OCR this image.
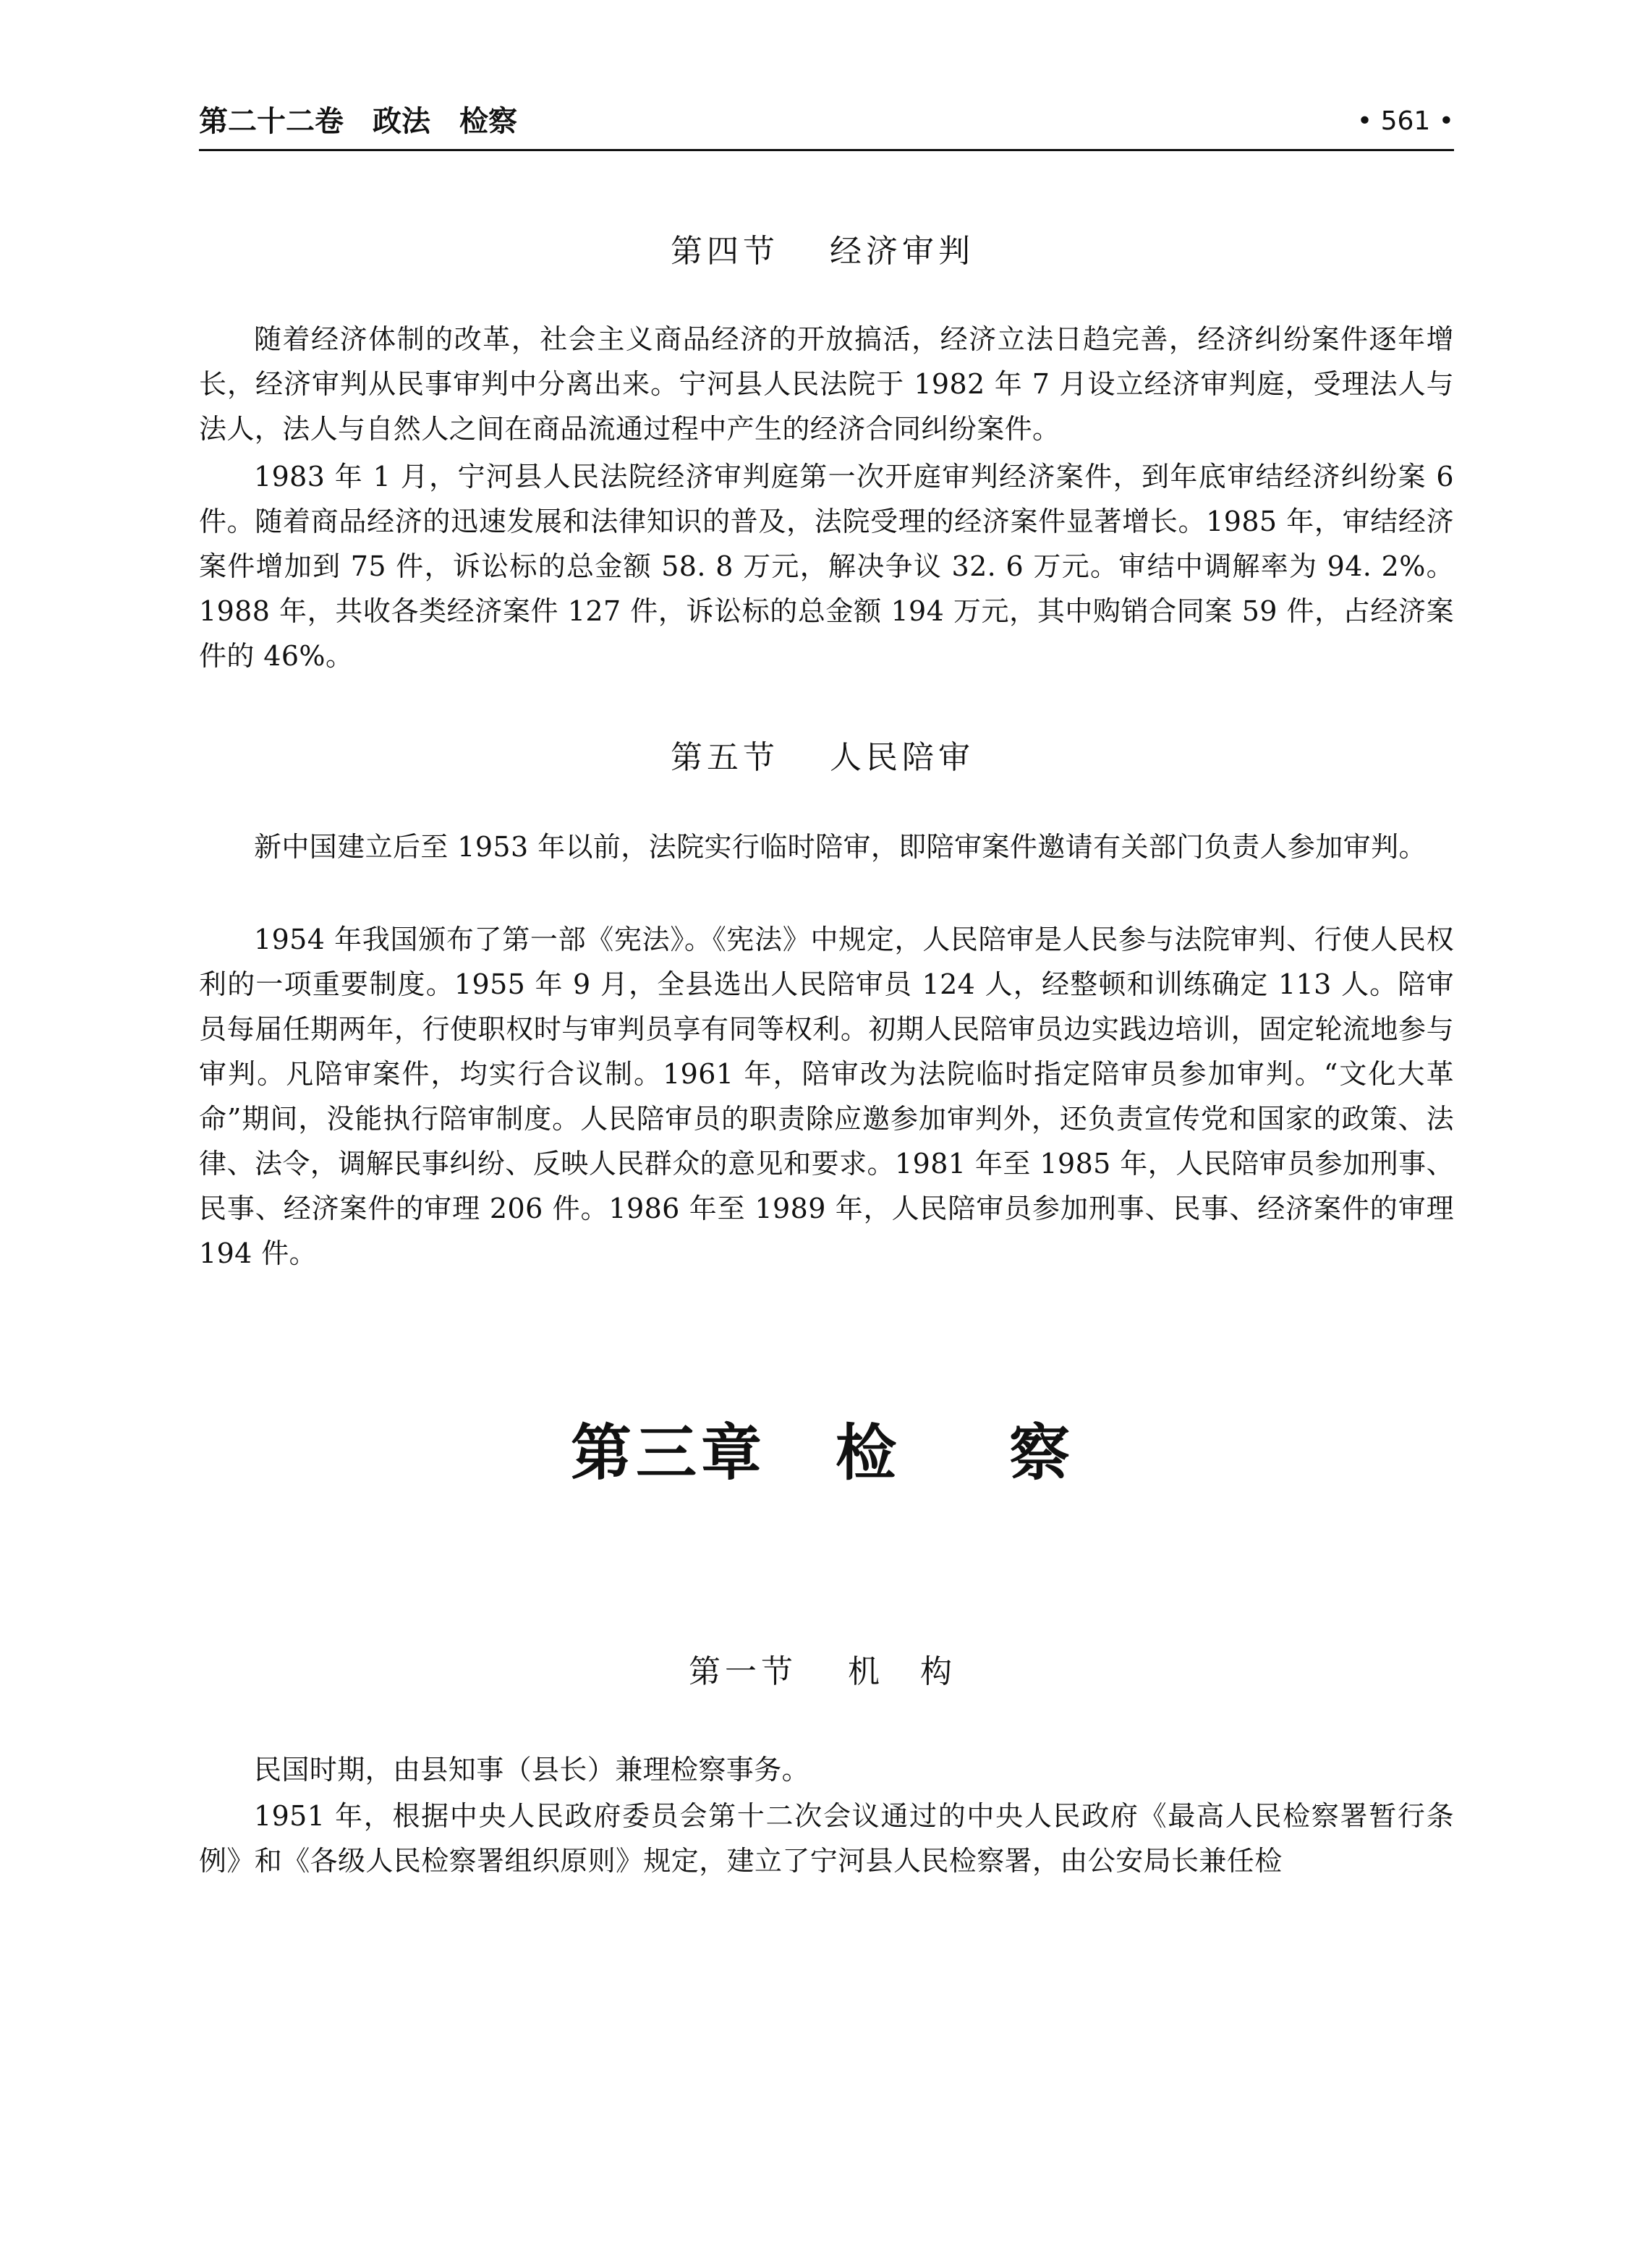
第二十二卷　政法　检察	• 561 •
第四节 经济审判

随着经济体制的改革，社会主义商品经济的开放搞活，经济立法日趋完善，经济纠纷案件逐年增长，经济审判从民事审判中分离出来。宁河县人民法院于 1982 年 7 月设立经济审判庭，受理法人与法人，法人与自然人之间在商品流通过程中产生的经济合同纠纷案件。

1983 年 1 月，宁河县人民法院经济审判庭第一次开庭审判经济案件，到年底审结经济纠纷案 6 件。随着商品经济的迅速发展和法律知识的普及，法院受理的经济案件显著增长。1985 年，审结经济案件增加到 75 件，诉讼标的总金额 58. 8 万元，解决争议 32. 6 万元。审结中调解率为 94. 2%。1988 年，共收各类经济案件 127 件，诉讼标的总金额 194 万元，其中购销合同案 59 件，占经济案件的 46%。

第五节 人民陪审

新中国建立后至 1953 年以前，法院实行临时陪审，即陪审案件邀请有关部门负责人参加审判。

1954 年我国颁布了第一部《宪法》。《宪法》中规定，人民陪审是人民参与法院审判、行使人民权利的一项重要制度。1955 年 9 月，全县选出人民陪审员 124 人，经整顿和训练确定 113 人。陪审员每届任期两年，行使职权时与审判员享有同等权利。初期人民陪审员边实践边培训，固定轮流地参与审判。凡陪审案件，均实行合议制。1961 年，陪审改为法院临时指定陪审员参加审判。“文化大革命”期间，没能执行陪审制度。人民陪审员的职责除应邀参加审判外，还负责宣传党和国家的政策、法律、法令，调解民事纠纷、反映人民群众的意见和要求。1981 年至 1985 年，人民陪审员参加刑事、民事、经济案件的审理 206 件。1986 年至 1989 年，人民陪审员参加刑事、民事、经济案件的审理 194 件。

第三章 检 察
第一节 机　构

民国时期，由县知事（县长）兼理检察事务。

1951 年，根据中央人民政府委员会第十二次会议通过的中央人民政府《最高人民检察署暂行条例》和《各级人民检察署组织原则》规定，建立了宁河县人民检察署，由公安局长兼任检
